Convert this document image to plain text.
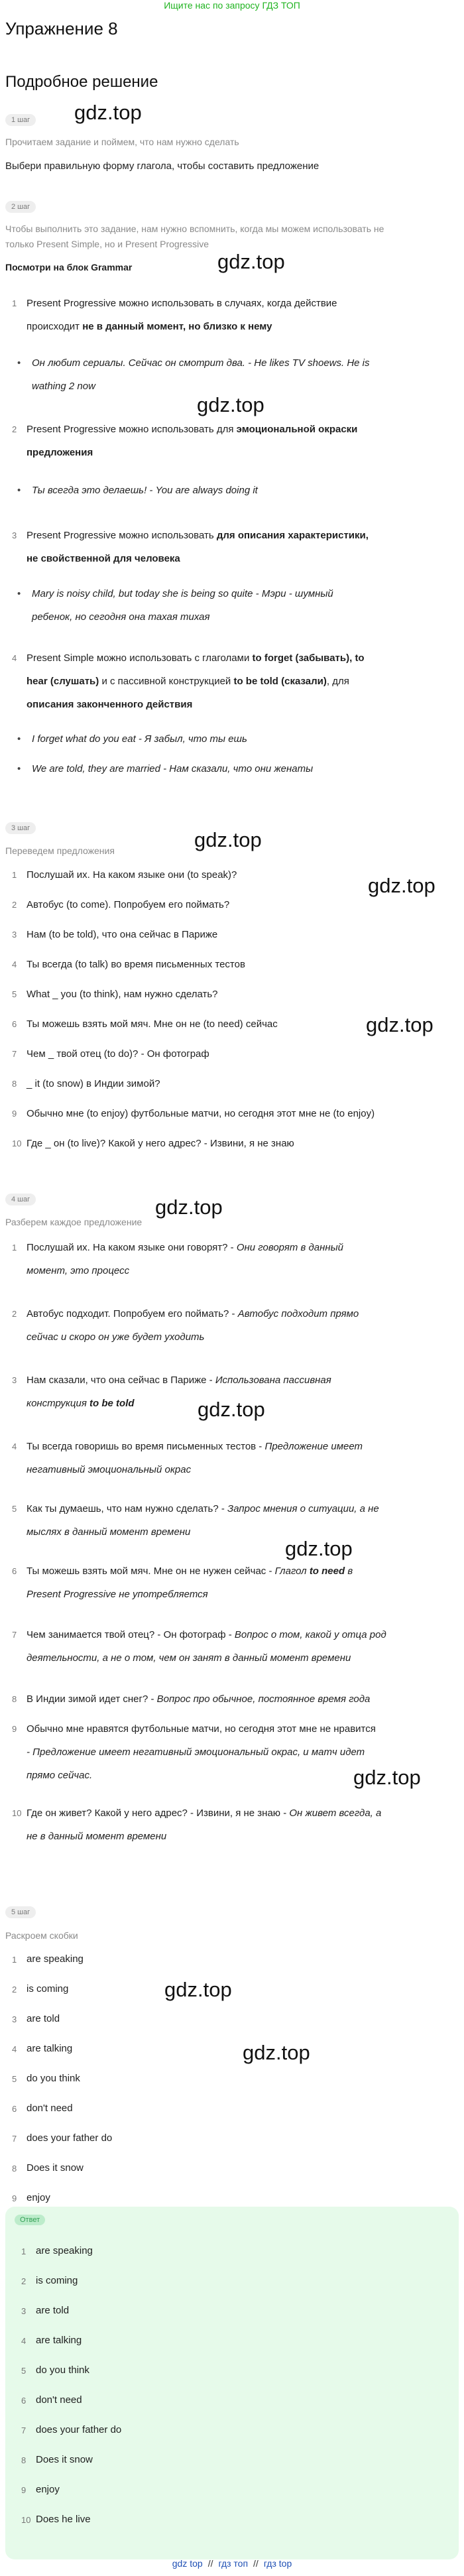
Ищите нас по запросу ГДЗ ТОП
Упражнение 8
Подробное решение
gdz.top
gdz.top
gdz.top
gdz.top
gdz.top
gdz.top
gdz.top
gdz.top
gdz.top
gdz.top
gdz.top
gdz.top
1 шаг
Прочитаем задание и поймем, что нам нужно сделать
Выбери правильную форму глагола, чтобы составить предложение
2 шаг
Чтобы выполнить это задание, нам нужно вспомнить, когда мы можем использовать не
только Present Simple, но и Present Progressive
Посмотри на блок Grammar
1 Present Progressive можно использовать в случаях, когда действие
происходит не в данный момент, но близко к нему
• Он любит сериалы. Сейчас он смотрит два. - He likes TV shoews. He is
wathing 2 now
2 Present Progressive можно использовать для эмоциональной окраски
предложения
• Ты всегда это делаешь! - You are always doing it
3 Present Progressive можно использовать для описания характеристики,
не свойственной для человека
• Mary is noisy child, but today she is being so quite - Мэри - шумный
ребенок, но сегодня она тахая тихая
4 Present Simple можно использовать с глаголами to forget (забывать), to
hear (слушать) и с пассивной конструкцией to be told (сказали), для
описания законченного действия
• I forget what do you eat - Я забыл, что ты ешь
• We are told, they are married - Нам сказали, что они женаты
3 шаг
Переведем предложения
1 Послушай их. На каком языке они (to speak)?
2 Автобус (to come). Попробуем его поймать?
3 Нам (to be told), что она сейчас в Париже
4 Ты всегда (to talk) во время письменных тестов
5 What _ you (to think), нам нужно сделать?
6 Ты можешь взять мой мяч. Мне он не (to need) сейчас
7 Чем _ твой отец (to do)? - Он фотограф
8 _ it (to snow) в Индии зимой?
9 Обычно мне (to enjoy) футбольные матчи, но сегодня этот мне не (to enjoy)
10 Где _ он (to live)? Какой у него адрес? - Извини, я не знаю
4 шаг
Разберем каждое предложение
1 Послушай их. На каком языке они говорят? - Они говорят в данный
момент, это процесс
2 Автобус подходит. Попробуем его поймать? - Автобус подходит прямо
сейчас и скоро он уже будет уходить
3 Нам сказали, что она сейчас в Париже - Использована пассивная
конструкция to be told
4 Ты всегда говоришь во время письменных тестов - Предложение имеет
негативный эмоциональный окрас
5 Как ты думаешь, что нам нужно сделать? - Запрос мнения о ситуации, а не
мыслях в данный момент времени
6 Ты можешь взять мой мяч. Мне он не нужен сейчас - Глагол to need в
Present Progressive не употребляется
7 Чем занимается твой отец? - Он фотограф - Вопрос о том, какой у отца род
деятельности, а не о том, чем он занят в данный момент времени
8 В Индии зимой идет снег? - Вопрос про обычное, постоянное время года
9 Обычно мне нравятся футбольные матчи, но сегодня этот мне не нравится
- Предложение имеет негативный эмоциональный окрас, и матч идет
прямо сейчас.
10 Где он живет? Какой у него адрес? - Извини, я не знаю - Он живет всегда, а
не в данный момент времени
5 шаг
Раскроем скобки
1 are speaking
2 is coming
3 are told
4 are talking
5 do you think
6 don't need
7 does your father do
8 Does it snow
9 enjoy
Ответ
1 are speaking
2 is coming
3 are told
4 are talking
5 do you think
6 don't need
7 does your father do
8 Does it snow
9 enjoy
10 Does he live
gdz top // гдз топ // гдз top
